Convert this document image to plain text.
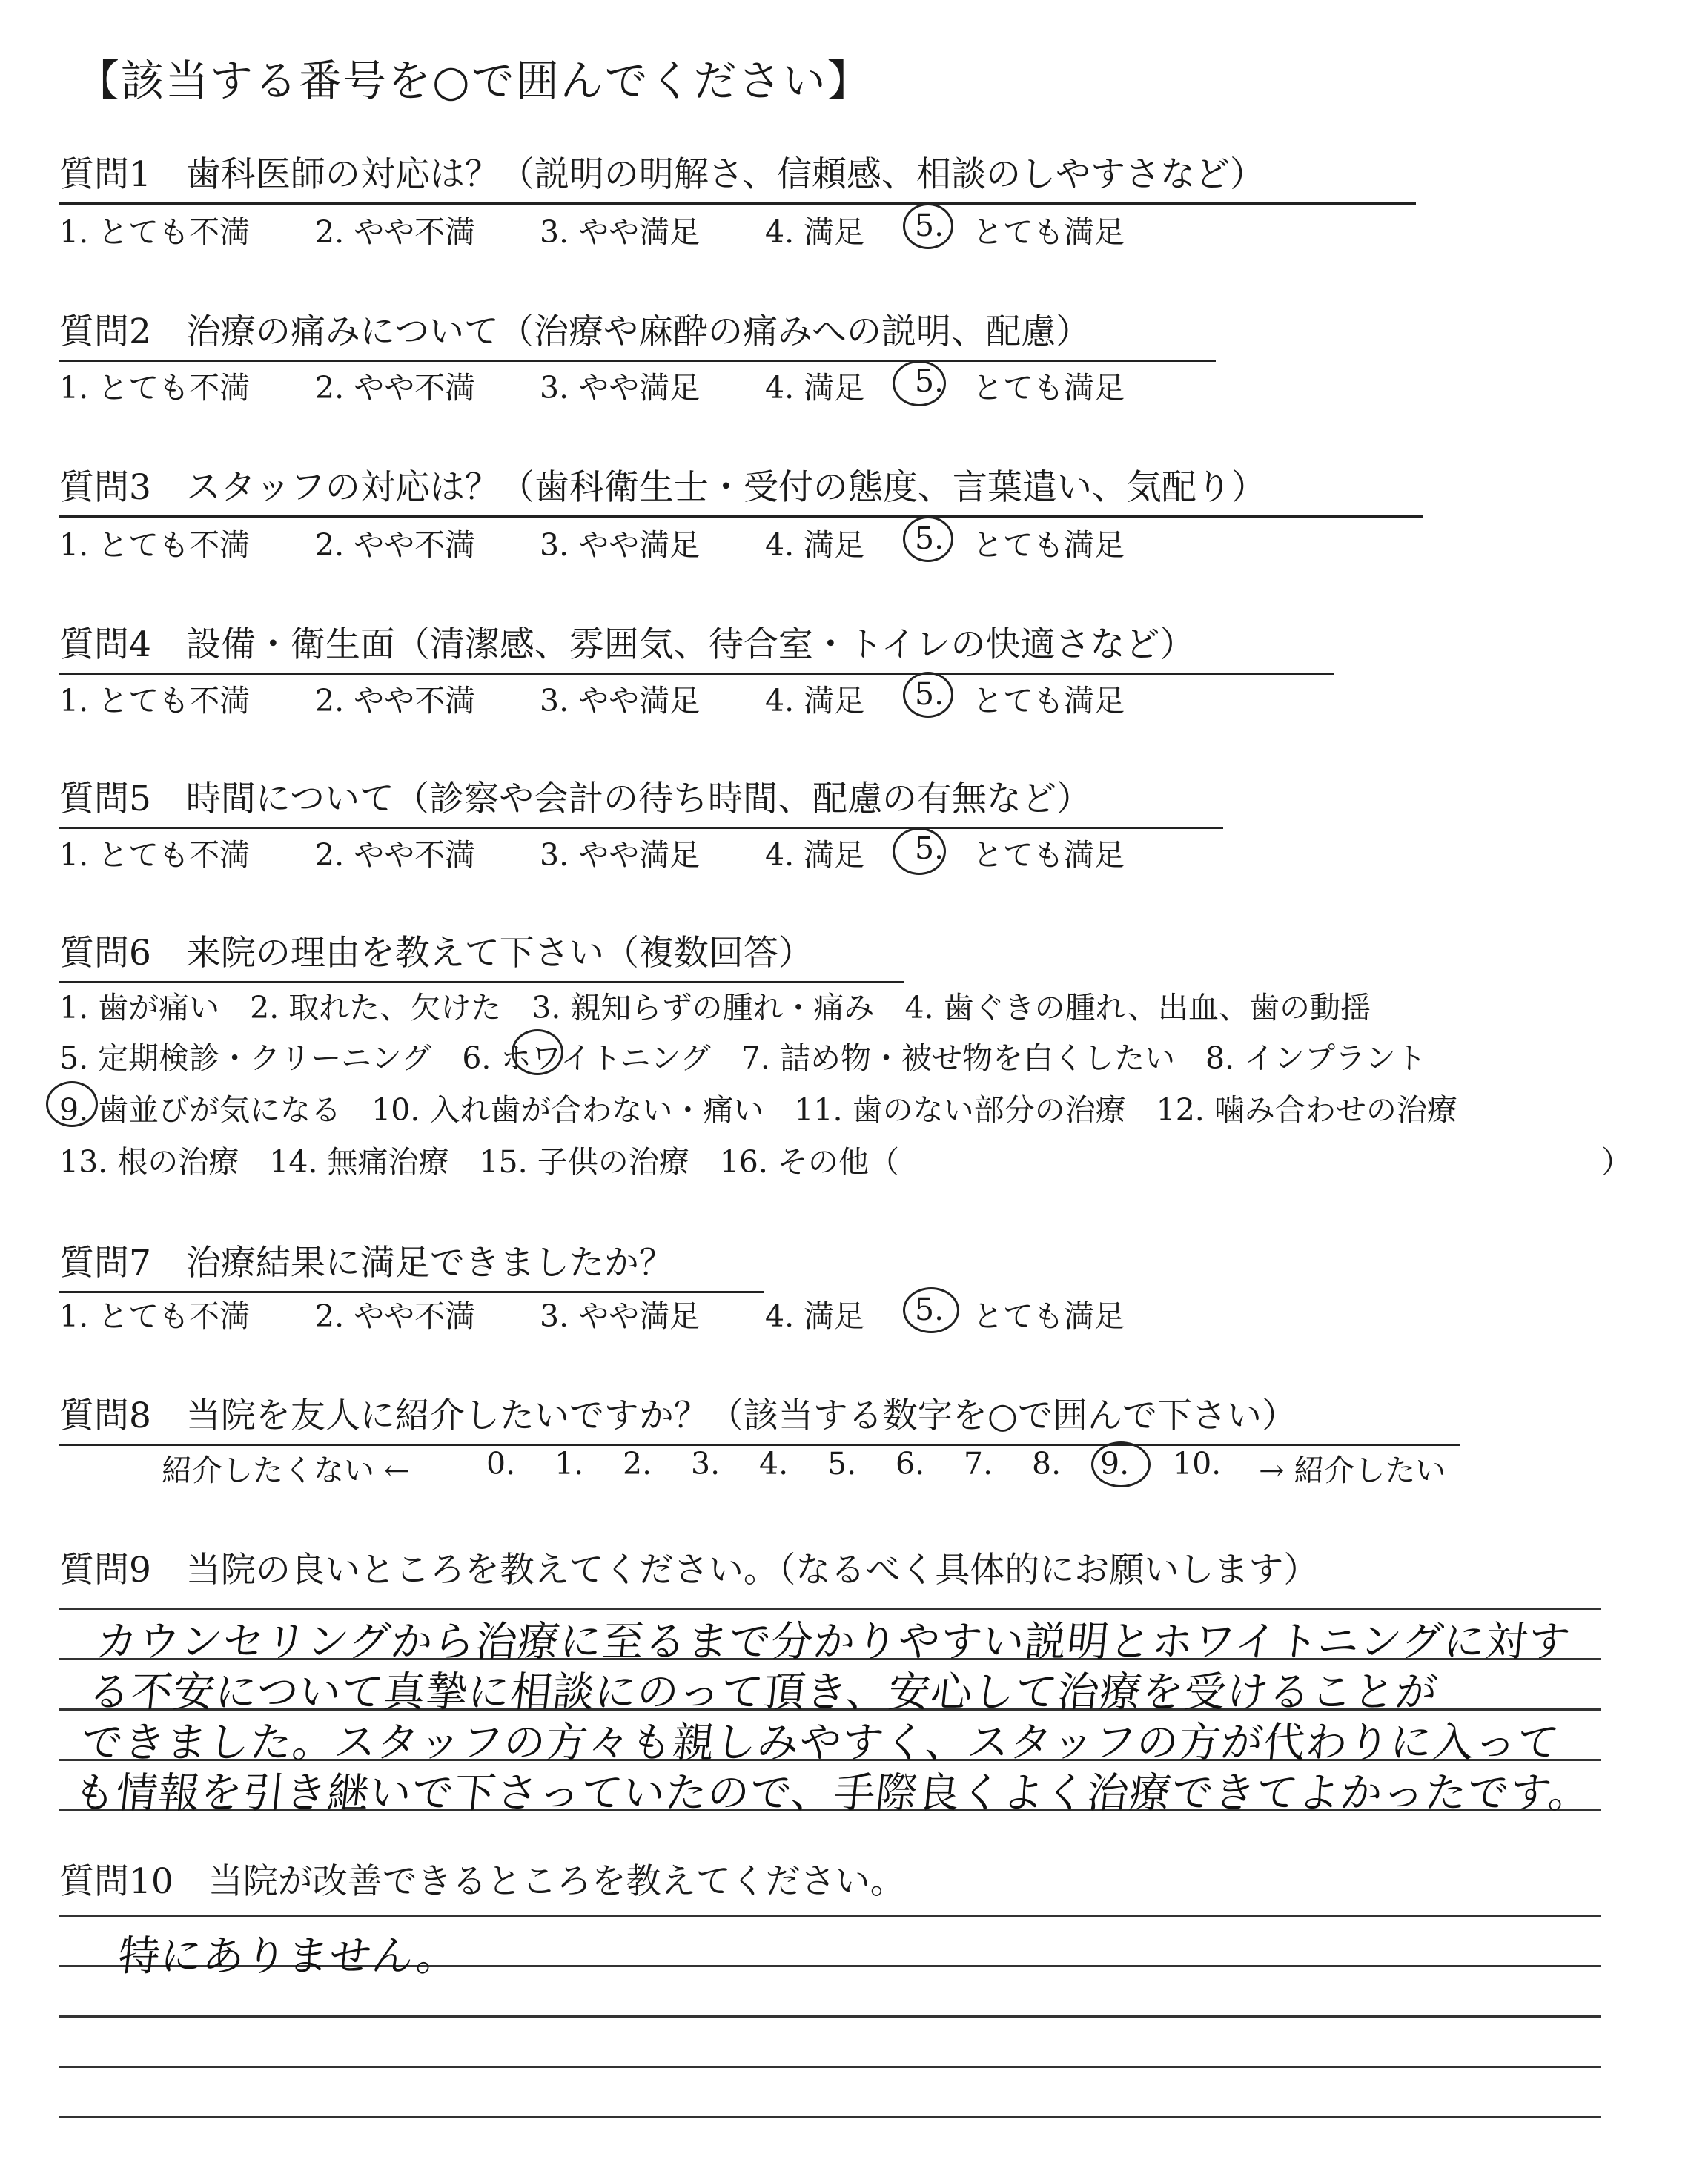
【該当する番号を○で囲んでください】
質問1　歯科医師の対応は？（説明の明解さ、信頼感、相談のしやすさなど）
1. とても不満 2. やや不満 3. やや満足 4. 満足 5. とても満足
質問2　治療の痛みについて（治療や麻酔の痛みへの説明、配慮）
1. とても不満 2. やや不満 3. やや満足 4. 満足 5. とても満足
質問3　スタッフの対応は？（歯科衛生士・受付の態度、言葉遣い、気配り）
1. とても不満 2. やや不満 3. やや満足 4. 満足 5. とても満足
質問4　設備・衛生面（清潔感、雰囲気、待合室・トイレの快適さなど）
1. とても不満 2. やや不満 3. やや満足 4. 満足 5. とても満足
質問5　時間について（診察や会計の待ち時間、配慮の有無など）
1. とても不満 2. やや不満 3. やや満足 4. 満足 5. とても満足
質問6　来院の理由を教えて下さい（複数回答）
1. 歯が痛い　2. 取れた、欠けた　3. 親知らずの腫れ・痛み　4. 歯ぐきの腫れ、出血、歯の動揺
5. 定期検診・クリーニング　6. ホワイトニング　7. 詰め物・被せ物を白くしたい　8. インプラント
9. 歯並びが気になる　10. 入れ歯が合わない・痛い　11. 歯のない部分の治療　12. 噛み合わせの治療
13. 根の治療　14. 無痛治療　15. 子供の治療　16. その他（	）
質問7　治療結果に満足できましたか？
1. とても不満 2. やや不満 3. やや満足 4. 満足 5. とても満足
質問8　当院を友人に紹介したいですか？（該当する数字を○で囲んで下さい）
紹介したくない ←	0. 1. 2. 3. 4. 5. 6. 7. 8. 9. 10. → 紹介したい
質問9　当院の良いところを教えてください。（なるべく具体的にお願いします）
カウンセリングから治療に至るまで分かりやすい説明とホワイトニングに対す
る不安について真摯に相談にのって頂き、安心して治療を受けることが
できました。スタッフの方々も親しみやすく、スタッフの方が代わりに入って
も情報を引き継いで下さっていたので、手際良くよく治療できてよかったです。
質問10　当院が改善できるところを教えてください。
特にありません。
